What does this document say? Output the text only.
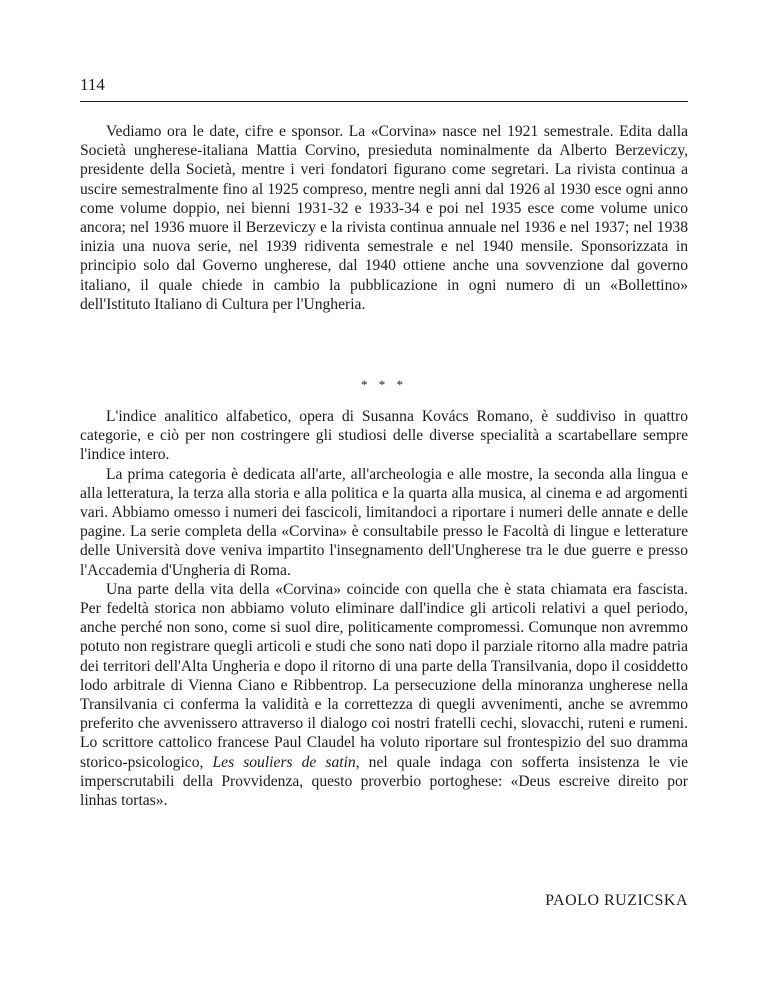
114

Vediamo ora le date, cifre e sponsor. La «Corvina» nasce nel 1921 semestrale. Edita dalla Società ungherese-italiana Mattia Corvino, presieduta nominalmente da Alberto Berzeviczy, presidente della Società, mentre i veri fondatori figurano come segretari. La rivista continua a uscire semestralmente fino al 1925 compreso, mentre negli anni dal 1926 al 1930 esce ogni anno come volume doppio, nei bienni 1931-32 e 1933-34 e poi nel 1935 esce come volume unico ancora; nel 1936 muore il Berzeviczy e la rivista continua annuale nel 1936 e nel 1937; nel 1938 inizia una nuova serie, nel 1939 ridiventa semestrale e nel 1940 mensile. Sponsorizzata in principio solo dal Governo ungherese, dal 1940 ottiene anche una sovvenzione dal governo italiano, il quale chiede in cambio la pubblicazione in ogni numero di un «Bollettino» dell'Istituto Italiano di Cultura per l'Ungheria.

* * *

L'indice analitico alfabetico, opera di Susanna Kovács Romano, è suddiviso in quattro categorie, e ciò per non costringere gli studiosi delle diverse specialità a scartabellare sempre l'indice intero.

La prima categoria è dedicata all'arte, all'archeologia e alle mostre, la seconda alla lingua e alla letteratura, la terza alla storia e alla politica e la quarta alla musica, al cinema e ad argomenti vari. Abbiamo omesso i numeri dei fascicoli, limitandoci a riportare i numeri delle annate e delle pagine. La serie completa della «Corvina» è consultabile presso le Facoltà di lingue e letterature delle Università dove veniva impartito l'insegnamento dell'Ungherese tra le due guerre e presso l'Accademia d'Ungheria di Roma.

Una parte della vita della «Corvina» coincide con quella che è stata chiamata era fascista. Per fedeltà storica non abbiamo voluto eliminare dall'indice gli articoli relativi a quel periodo, anche perché non sono, come si suol dire, politicamente compromessi. Comunque non avremmo potuto non registrare quegli articoli e studi che sono nati dopo il parziale ritorno alla madre patria dei territori dell'Alta Ungheria e dopo il ritorno di una parte della Transilvania, dopo il cosiddetto lodo arbitrale di Vienna Ciano e Ribbentrop. La persecuzione della minoranza ungherese nella Transilvania ci conferma la validità e la correttezza di quegli avvenimenti, anche se avremmo preferito che avvenissero attraverso il dialogo coi nostri fratelli cechi, slovacchi, ruteni e rumeni. Lo scrittore cattolico francese Paul Claudel ha voluto riportare sul frontespizio del suo dramma storico-psicologico, Les souliers de satin, nel quale indaga con sofferta insistenza le vie imperscrutabili della Provvidenza, questo proverbio portoghese: «Deus escreive direito por linhas tortas».

PAOLO RUZICSKA
